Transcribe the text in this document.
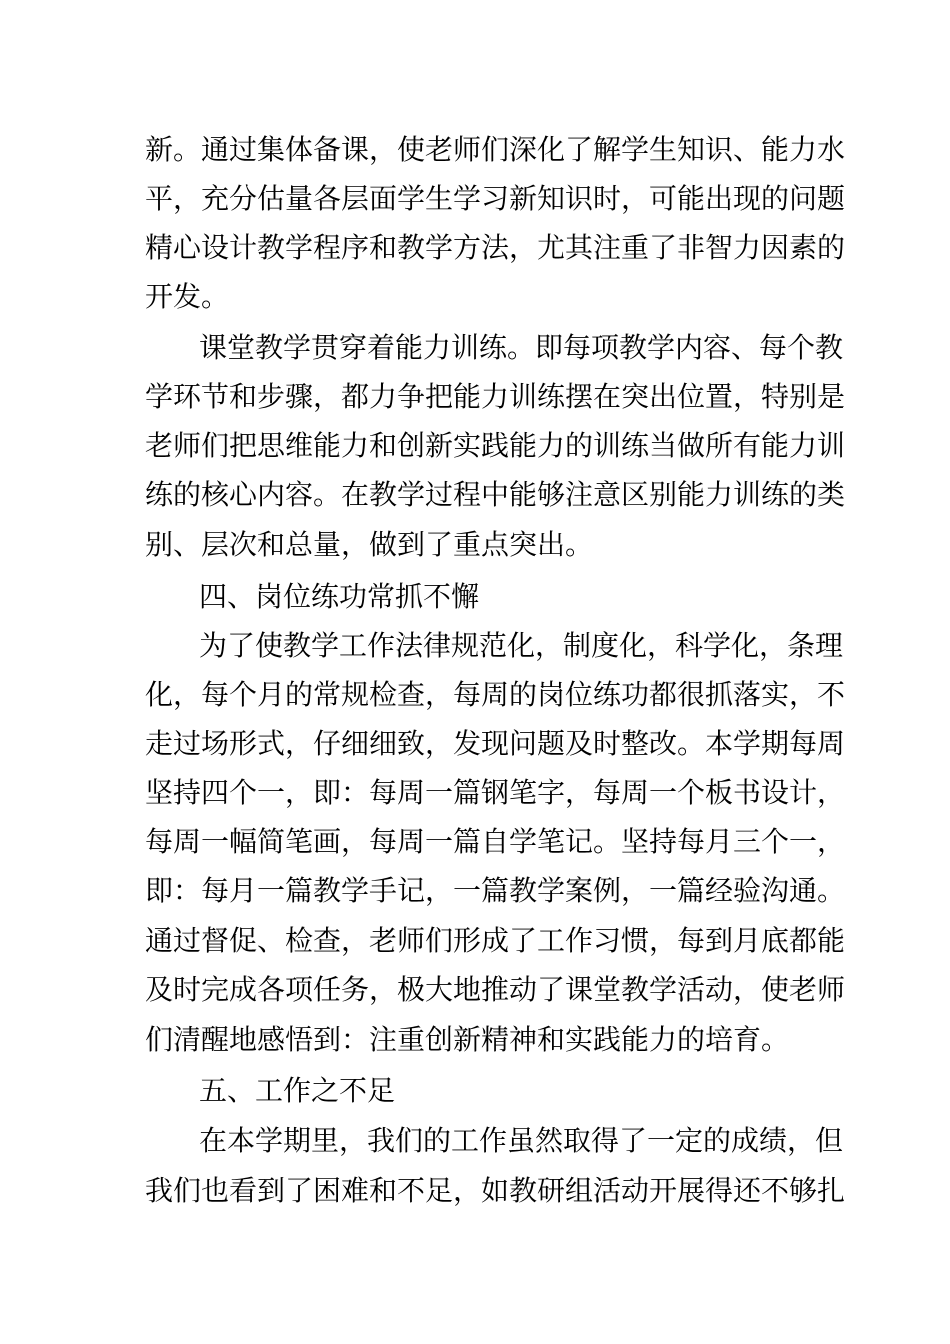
新。通过集体备课，使老师们深化了解学生知识、能力水
平，充分估量各层面学生学习新知识时，可能出现的问题
精心设计教学程序和教学方法，尤其注重了非智力因素的
开发。
课堂教学贯穿着能力训练。即每项教学内容、每个教
学环节和步骤，都力争把能力训练摆在突出位置，特别是
老师们把思维能力和创新实践能力的训练当做所有能力训
练的核心内容。在教学过程中能够注意区别能力训练的类
别、层次和总量，做到了重点突出。
四、岗位练功常抓不懈
为了使教学工作法律规范化，制度化，科学化，条理
化，每个月的常规检查，每周的岗位练功都很抓落实，不
走过场形式，仔细细致，发现问题及时整改。本学期每周
坚持四个一，即：每周一篇钢笔字，每周一个板书设计，
每周一幅简笔画，每周一篇自学笔记。坚持每月三个一，
即：每月一篇教学手记，一篇教学案例，一篇经验沟通。
通过督促、检查，老师们形成了工作习惯，每到月底都能
及时完成各项任务，极大地推动了课堂教学活动，使老师
们清醒地感悟到：注重创新精神和实践能力的培育。
五、工作之不足
在本学期里，我们的工作虽然取得了一定的成绩，但
我们也看到了困难和不足，如教研组活动开展得还不够扎
